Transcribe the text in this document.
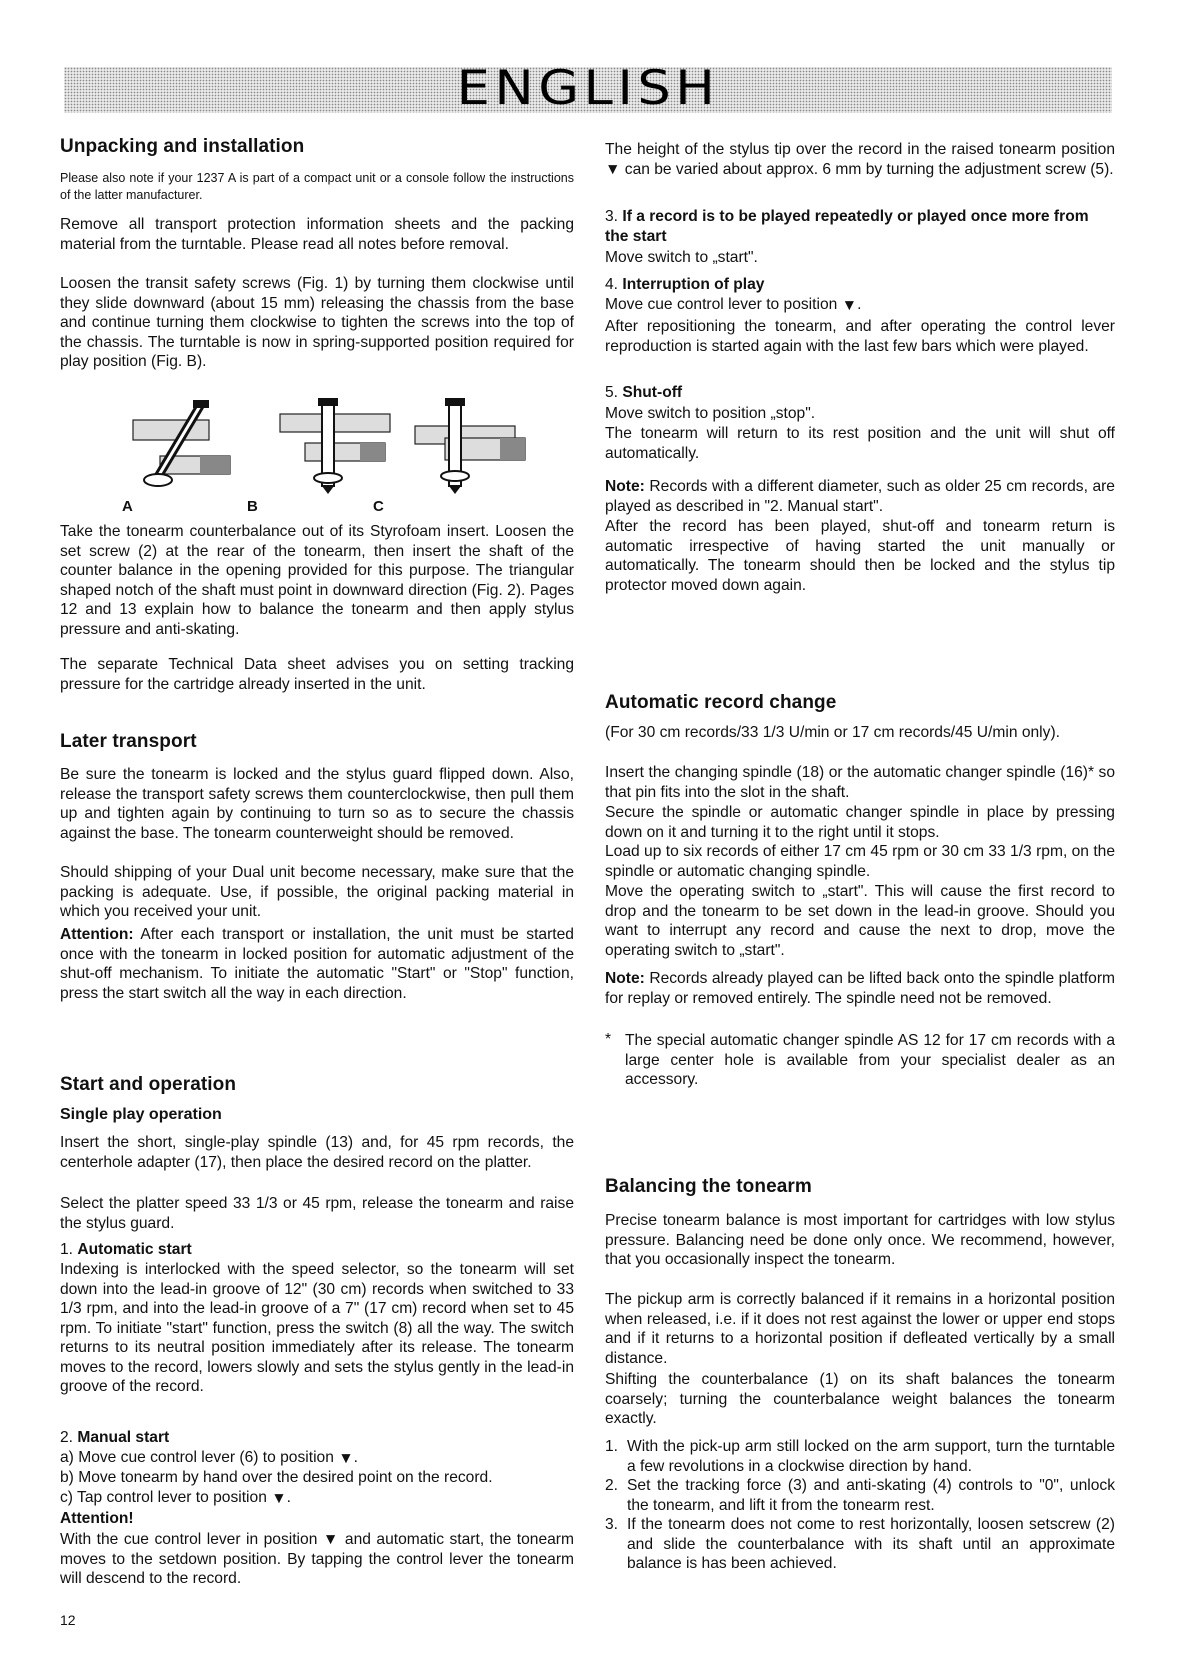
ENGLISH
Unpacking and installation

Please also note if your 1237 A is part of a compact unit or a console follow the instructions of the latter manufacturer.

Remove all transport protection information sheets and the packing material from the turntable. Please read all notes before removal.

Loosen the transit safety screws (Fig. 1) by turning them clockwise until they slide downward (about 15 mm) releasing the chassis from the base and continue turning them clockwise to tighten the screws into the top of the chassis. The turntable is now in spring-supported position required for play position (Fig. B).

Take the tonearm counterbalance out of its Styrofoam insert. Loosen the set screw (2) at the rear of the tonearm, then insert the shaft of the counter balance in the opening provided for this purpose. The triangular shaped notch of the shaft must point in downward direction (Fig. 2). Pages 12 and 13 explain how to balance the tonearm and then apply stylus pressure and anti-skating.

The separate Technical Data sheet advises you on setting tracking pressure for the cartridge already inserted in the unit.

Later transport

Be sure the tonearm is locked and the stylus guard flipped down. Also, release the transport safety screws them counterclockwise, then pull them up and tighten again by continuing to turn so as to secure the chassis against the base. The tonearm counterweight should be removed.

Should shipping of your Dual unit become necessary, make sure that the packing is adequate. Use, if possible, the original packing material in which you received your unit.

Attention: After each transport or installation, the unit must be started once with the tonearm in locked position for automatic adjustment of the shut-off mechanism. To initiate the automatic "Start" or "Stop" function, press the start switch all the way in each direction.

Start and operation
Single play operation

Insert the short, single-play spindle (13) and, for 45 rpm records, the centerhole adapter (17), then place the desired record on the platter.

Select the platter speed 33 1/3 or 45 rpm, release the tonearm and raise the stylus guard.

1. Automatic start

Indexing is interlocked with the speed selector, so the tonearm will set down into the lead-in groove of 12" (30 cm) records when switched to 33 1/3 rpm, and into the lead-in groove of a 7" (17 cm) record when set to 45 rpm. To initiate "start" function, press the switch (8) all the way. The switch returns to its neutral position immediately after its release. The tonearm moves to the record, lowers slowly and sets the stylus gently in the lead-in groove of the record.

2. Manual start

a) Move cue control lever (6) to position ▼.

b) Move tonearm by hand over the desired point on the record.

c) Tap control lever to position ▼.

Attention!

With the cue control lever in position ▼ and automatic start, the tonearm moves to the setdown position. By tapping the control lever the tonearm will descend to the record.

A	B	C

The height of the stylus tip over the record in the raised tonearm position ▼ can be varied about approx. 6 mm by turning the adjustment screw (5).

3. If a record is to be played repeatedly or played once more from the start

Move switch to „start".

4. Interruption of play

Move cue control lever to position ▼.

After repositioning the tonearm, and after operating the control lever reproduction is started again with the last few bars which were played.

5. Shut-off

Move switch to position „stop".

The tonearm will return to its rest position and the unit will shut off automatically.

Note: Records with a different diameter, such as older 25 cm records, are played as described in "2. Manual start".

After the record has been played, shut-off and tonearm return is automatic irrespective of having started the unit manually or automatically. The tonearm should then be locked and the stylus tip protector moved down again.

Automatic record change

(For 30 cm records/33 1/3 U/min or 17 cm records/45 U/min only).

Insert the changing spindle (18) or the automatic changer spindle (16)* so that pin fits into the slot in the shaft.

Secure the spindle or automatic changer spindle in place by pressing down on it and turning it to the right until it stops.

Load up to six records of either 17 cm 45 rpm or 30 cm 33 1/3 rpm, on the spindle or automatic changing spindle.

Move the operating switch to „start". This will cause the first record to drop and the tonearm to be set down in the lead-in groove. Should you want to interrupt any record and cause the next to drop, move the operating switch to „start".

Note: Records already played can be lifted back onto the spindle platform for replay or removed entirely. The spindle need not be removed.

* The special automatic changer spindle AS 12 for 17 cm records with a large center hole is available from your specialist dealer as an accessory.

Balancing the tonearm

Precise tonearm balance is most important for cartridges with low stylus pressure. Balancing need be done only once. We recommend, however, that you occasionally inspect the tonearm.

The pickup arm is correctly balanced if it remains in a horizontal position when released, i.e. if it does not rest against the lower or upper end stops and if it returns to a horizontal position if defleated vertically by a small distance.

Shifting the counterbalance (1) on its shaft balances the tonearm coarsely; turning the counterbalance weight balances the tonearm exactly.

1. With the pick-up arm still locked on the arm support, turn the turntable a few revolutions in a clockwise direction by hand.
2. Set the tracking force (3) and anti-skating (4) controls to "0", unlock the tonearm, and lift it from the tonearm rest.
3. If the tonearm does not come to rest horizontally, loosen setscrew (2) and slide the counterbalance with its shaft until an approximate balance is has been achieved.
12
